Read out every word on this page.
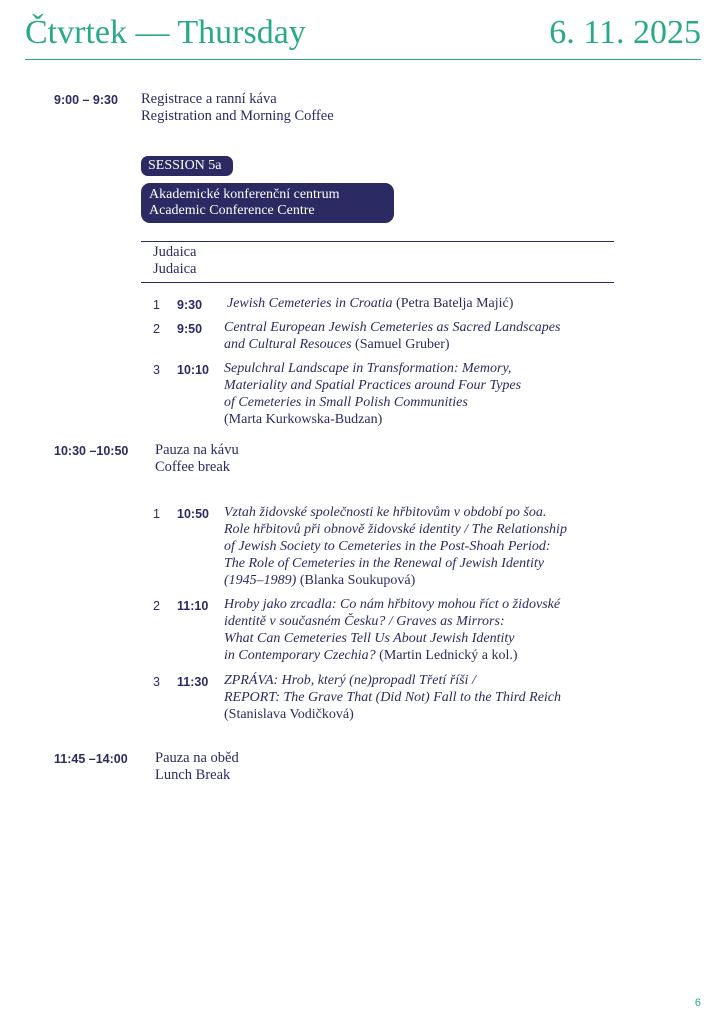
Čtvrtek — Thursday	6. 11. 2025
9:00 – 9:30 Registrace a ranní káva
Registration and Morning Coffee
SESSION 5a
Akademické konferenční centrum
Academic Conference Centre
Judaica
Judaica
1 9:30 Jewish Cemeteries in Croatia (Petra Batelja Majić)
2 9:50 Central European Jewish Cemeteries as Sacred Landscapes
and Cultural Resouces (Samuel Gruber)
3 10:10 Sepulchral Landscape in Transformation: Memory,
Materiality and Spatial Practices around Four Types
of Cemeteries in Small Polish Communities
(Marta Kurkowska-Budzan)
10:30 –10:50 Pauza na kávu
Coffee break
1 10:50 Vztah židovské společnosti ke hřbitovům v období po šoa.
Role hřbitovů při obnově židovské identity / The Relationship
of Jewish Society to Cemeteries in the Post-Shoah Period:
The Role of Cemeteries in the Renewal of Jewish Identity
(1945–1989) (Blanka Soukupová)
2 11:10 Hroby jako zrcadla: Co nám hřbitovy mohou říct o židovské
identitě v současném Česku? / Graves as Mirrors:
What Can Cemeteries Tell Us About Jewish Identity
in Contemporary Czechia? (Martin Lednický a kol.)
3 11:30 ZPRÁVA: Hrob, který (ne)propadl Třetí říši /
REPORT: The Grave That (Did Not) Fall to the Third Reich
(Stanislava Vodičková)
11:45 –14:00 Pauza na oběd
Lunch Break
6
